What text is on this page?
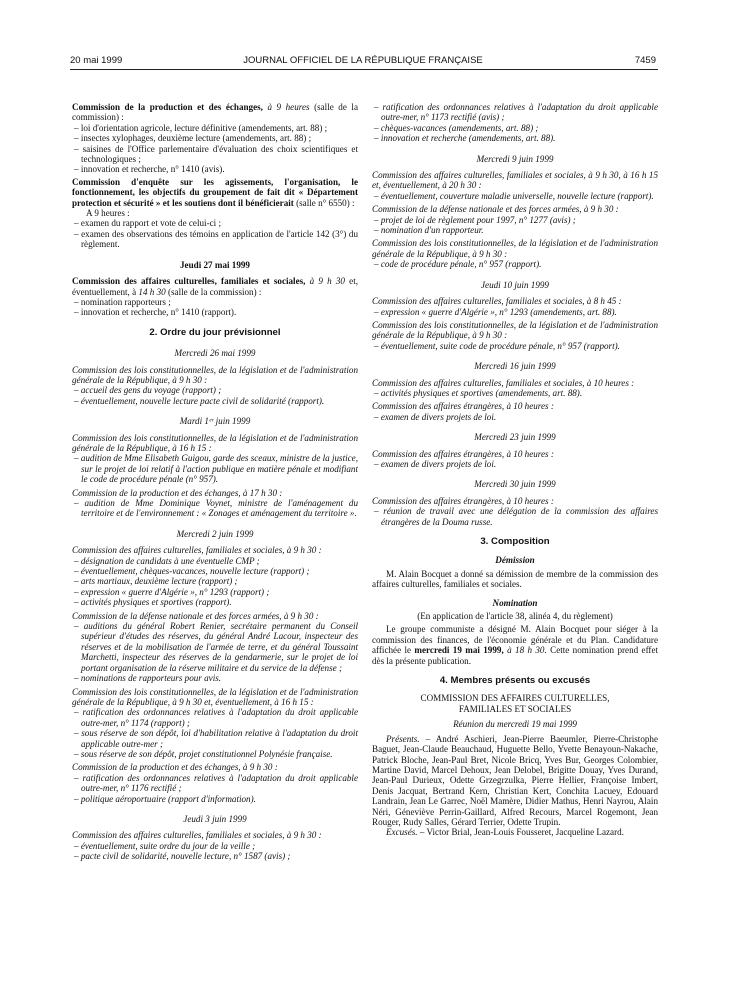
20 mai 1999	JOURNAL OFFICIEL DE LA RÉPUBLIQUE FRANÇAISE	7459

Commission de la production et des échanges, à 9 heures (salle de la commission) :

– loi d'orientation agricole, lecture définitive (amendements, art. 88) ;
– insectes xylophages, deuxième lecture (amendements, art. 88) ;
– saisines de l'Office parlementaire d'évaluation des choix scientifiques et technologiques ;
– innovation et recherche, n° 1410 (avis).

Commission d'enquête sur les agissements, l'organisation, le fonctionnement, les objectifs du groupement de fait dit « Département protection et sécurité » et les soutiens dont il bénéficierait (salle n° 6550) :

A 9 heures :

– examen du rapport et vote de celui-ci ;
– examen des observations des témoins en application de l'article 142 (3°) du règlement.

Jeudi 27 mai 1999

Commission des affaires culturelles, familiales et sociales, à 9 h 30 et, éventuellement, à 14 h 30 (salle de la commission) :

– nomination rapporteurs ;
– innovation et recherche, n° 1410 (rapport).

2. Ordre du jour prévisionnel

Mercredi 26 mai 1999

Commission des lois constitutionnelles, de la législation et de l'administration générale de la République, à 9 h 30 :

– accueil des gens du voyage (rapport) ;
– éventuellement, nouvelle lecture pacte civil de solidarité (rapport).

Mardi 1ᵉʳ juin 1999

Commission des lois constitutionnelles, de la législation et de l'administration générale de la République, à 16 h 15 :

– audition de Mme Elisabeth Guigou, garde des sceaux, ministre de la justice, sur le projet de loi relatif à l'action publique en matière pénale et modifiant le code de procédure pénale (n° 957).

Commission de la production et des échanges, à 17 h 30 :

– audition de Mme Dominique Voynet, ministre de l'aménagement du territoire et de l'environnement : « Zonages et aménagement du territoire ».

Mercredi 2 juin 1999

Commission des affaires culturelles, familiales et sociales, à 9 h 30 :

– désignation de candidats à une éventuelle CMP ;
– éventuellement, chèques-vacances, nouvelle lecture (rapport) ;
– arts martiaux, deuxième lecture (rapport) ;
– expression « guerre d'Algérie », n° 1293 (rapport) ;
– activités physiques et sportives (rapport).

Commission de la défense nationale et des forces armées, à 9 h 30 :

– auditions du général Robert Renier, secrétaire permanent du Conseil supérieur d'études des réserves, du général André Lacour, inspecteur des réserves et de la mobilisation de l'armée de terre, et du général Toussaint Marchetti, inspecteur des réserves de la gendarmerie, sur le projet de loi portant organisation de la réserve militaire et du service de la défense ;
– nominations de rapporteurs pour avis.

Commission des lois constitutionnelles, de la législation et de l'administration générale de la République, à 9 h 30 et, éventuellement, à 16 h 15 :

– ratification des ordonnances relatives à l'adaptation du droit applicable outre-mer, n° 1174 (rapport) ;
– sous réserve de son dépôt, loi d'habilitation relative à l'adaptation du droit applicable outre-mer ;
– sous réserve de son dépôt, projet constitutionnel Polynésie française.

Commission de la production et des échanges, à 9 h 30 :

– ratification des ordonnances relatives à l'adaptation du droit applicable outre-mer, n° 1176 rectifié ;
– politique aéroportuaire (rapport d'information).

Jeudi 3 juin 1999

Commission des affaires culturelles, familiales et sociales, à 9 h 30 :

– éventuellement, suite ordre du jour de la veille ;
– pacte civil de solidarité, nouvelle lecture, n° 1587 (avis) ;
– ratification des ordonnances relatives à l'adaptation du droit applicable outre-mer, n° 1173 rectifié (avis) ;
– chèques-vacances (amendements, art. 88) ;
– innovation et recherche (amendements, art. 88).

Mercredi 9 juin 1999

Commission des affaires culturelles, familiales et sociales, à 9 h 30, à 16 h 15 et, éventuellement, à 20 h 30 :

– éventuellement, couverture maladie universelle, nouvelle lecture (rapport).

Commission de la défense nationale et des forces armées, à 9 h 30 :

– projet de loi de règlement pour 1997, n° 1277 (avis) ;
– nomination d'un rapporteur.

Commission des lois constitutionnelles, de la législation et de l'administration générale de la République, à 9 h 30 :

– code de procédure pénale, n° 957 (rapport).

Jeudi 10 juin 1999

Commission des affaires culturelles, familiales et sociales, à 8 h 45 :

– expression « guerre d'Algérie », n° 1293 (amendements, art. 88).

Commission des lois constitutionnelles, de la législation et de l'administration générale de la République, à 9 h 30 :

– éventuellement, suite code de procédure pénale, n° 957 (rapport).

Mercredi 16 juin 1999

Commission des affaires culturelles, familiales et sociales, à 10 heures :

– activités physiques et sportives (amendements, art. 88).

Commission des affaires étrangères, à 10 heures :

– examen de divers projets de loi.

Mercredi 23 juin 1999

Commission des affaires étrangères, à 10 heures :

– examen de divers projets de loi.

Mercredi 30 juin 1999

Commission des affaires étrangères, à 10 heures :

– réunion de travail avec une délégation de la commission des affaires étrangères de la Douma russe.

3. Composition

Démission

M. Alain Bocquet a donné sa démission de membre de la commission des affaires culturelles, familiales et sociales.

Nomination

(En application de l'article 38, alinéa 4, du règlement)

Le groupe communiste a désigné M. Alain Bocquet pour siéger à la commission des finances, de l'économie générale et du Plan. Candidature affichée le mercredi 19 mai 1999, à 18 h 30. Cette nomination prend effet dès la présente publication.

4. Membres présents ou excusés

COMMISSION DES AFFAIRES CULTURELLES,

FAMILIALES ET SOCIALES

Réunion du mercredi 19 mai 1999

Présents. – André Aschieri, Jean-Pierre Baeumler, Pierre-Christophe Baguet, Jean-Claude Beauchaud, Huguette Bello, Yvette Benayoun-Nakache, Patrick Bloche, Jean-Paul Bret, Nicole Bricq, Yves Bur, Georges Colombier, Martine David, Marcel Dehoux, Jean Delobel, Brigitte Douay, Yves Durand, Jean-Paul Durieux, Odette Grzegrzulka, Pierre Hellier, Françoise Imbert, Denis Jacquat, Bertrand Kern, Christian Kert, Conchita Lacuey, Edouard Landrain, Jean Le Garrec, Noël Mamère, Didier Mathus, Henri Nayrou, Alain Néri, Géneviève Perrin-Gaillard, Alfred Recours, Marcel Rogemont, Jean Rouger, Rudy Salles, Gérard Terrier, Odette Trupin.

Excusés. – Victor Brial, Jean-Louis Fousseret, Jacqueline Lazard.
